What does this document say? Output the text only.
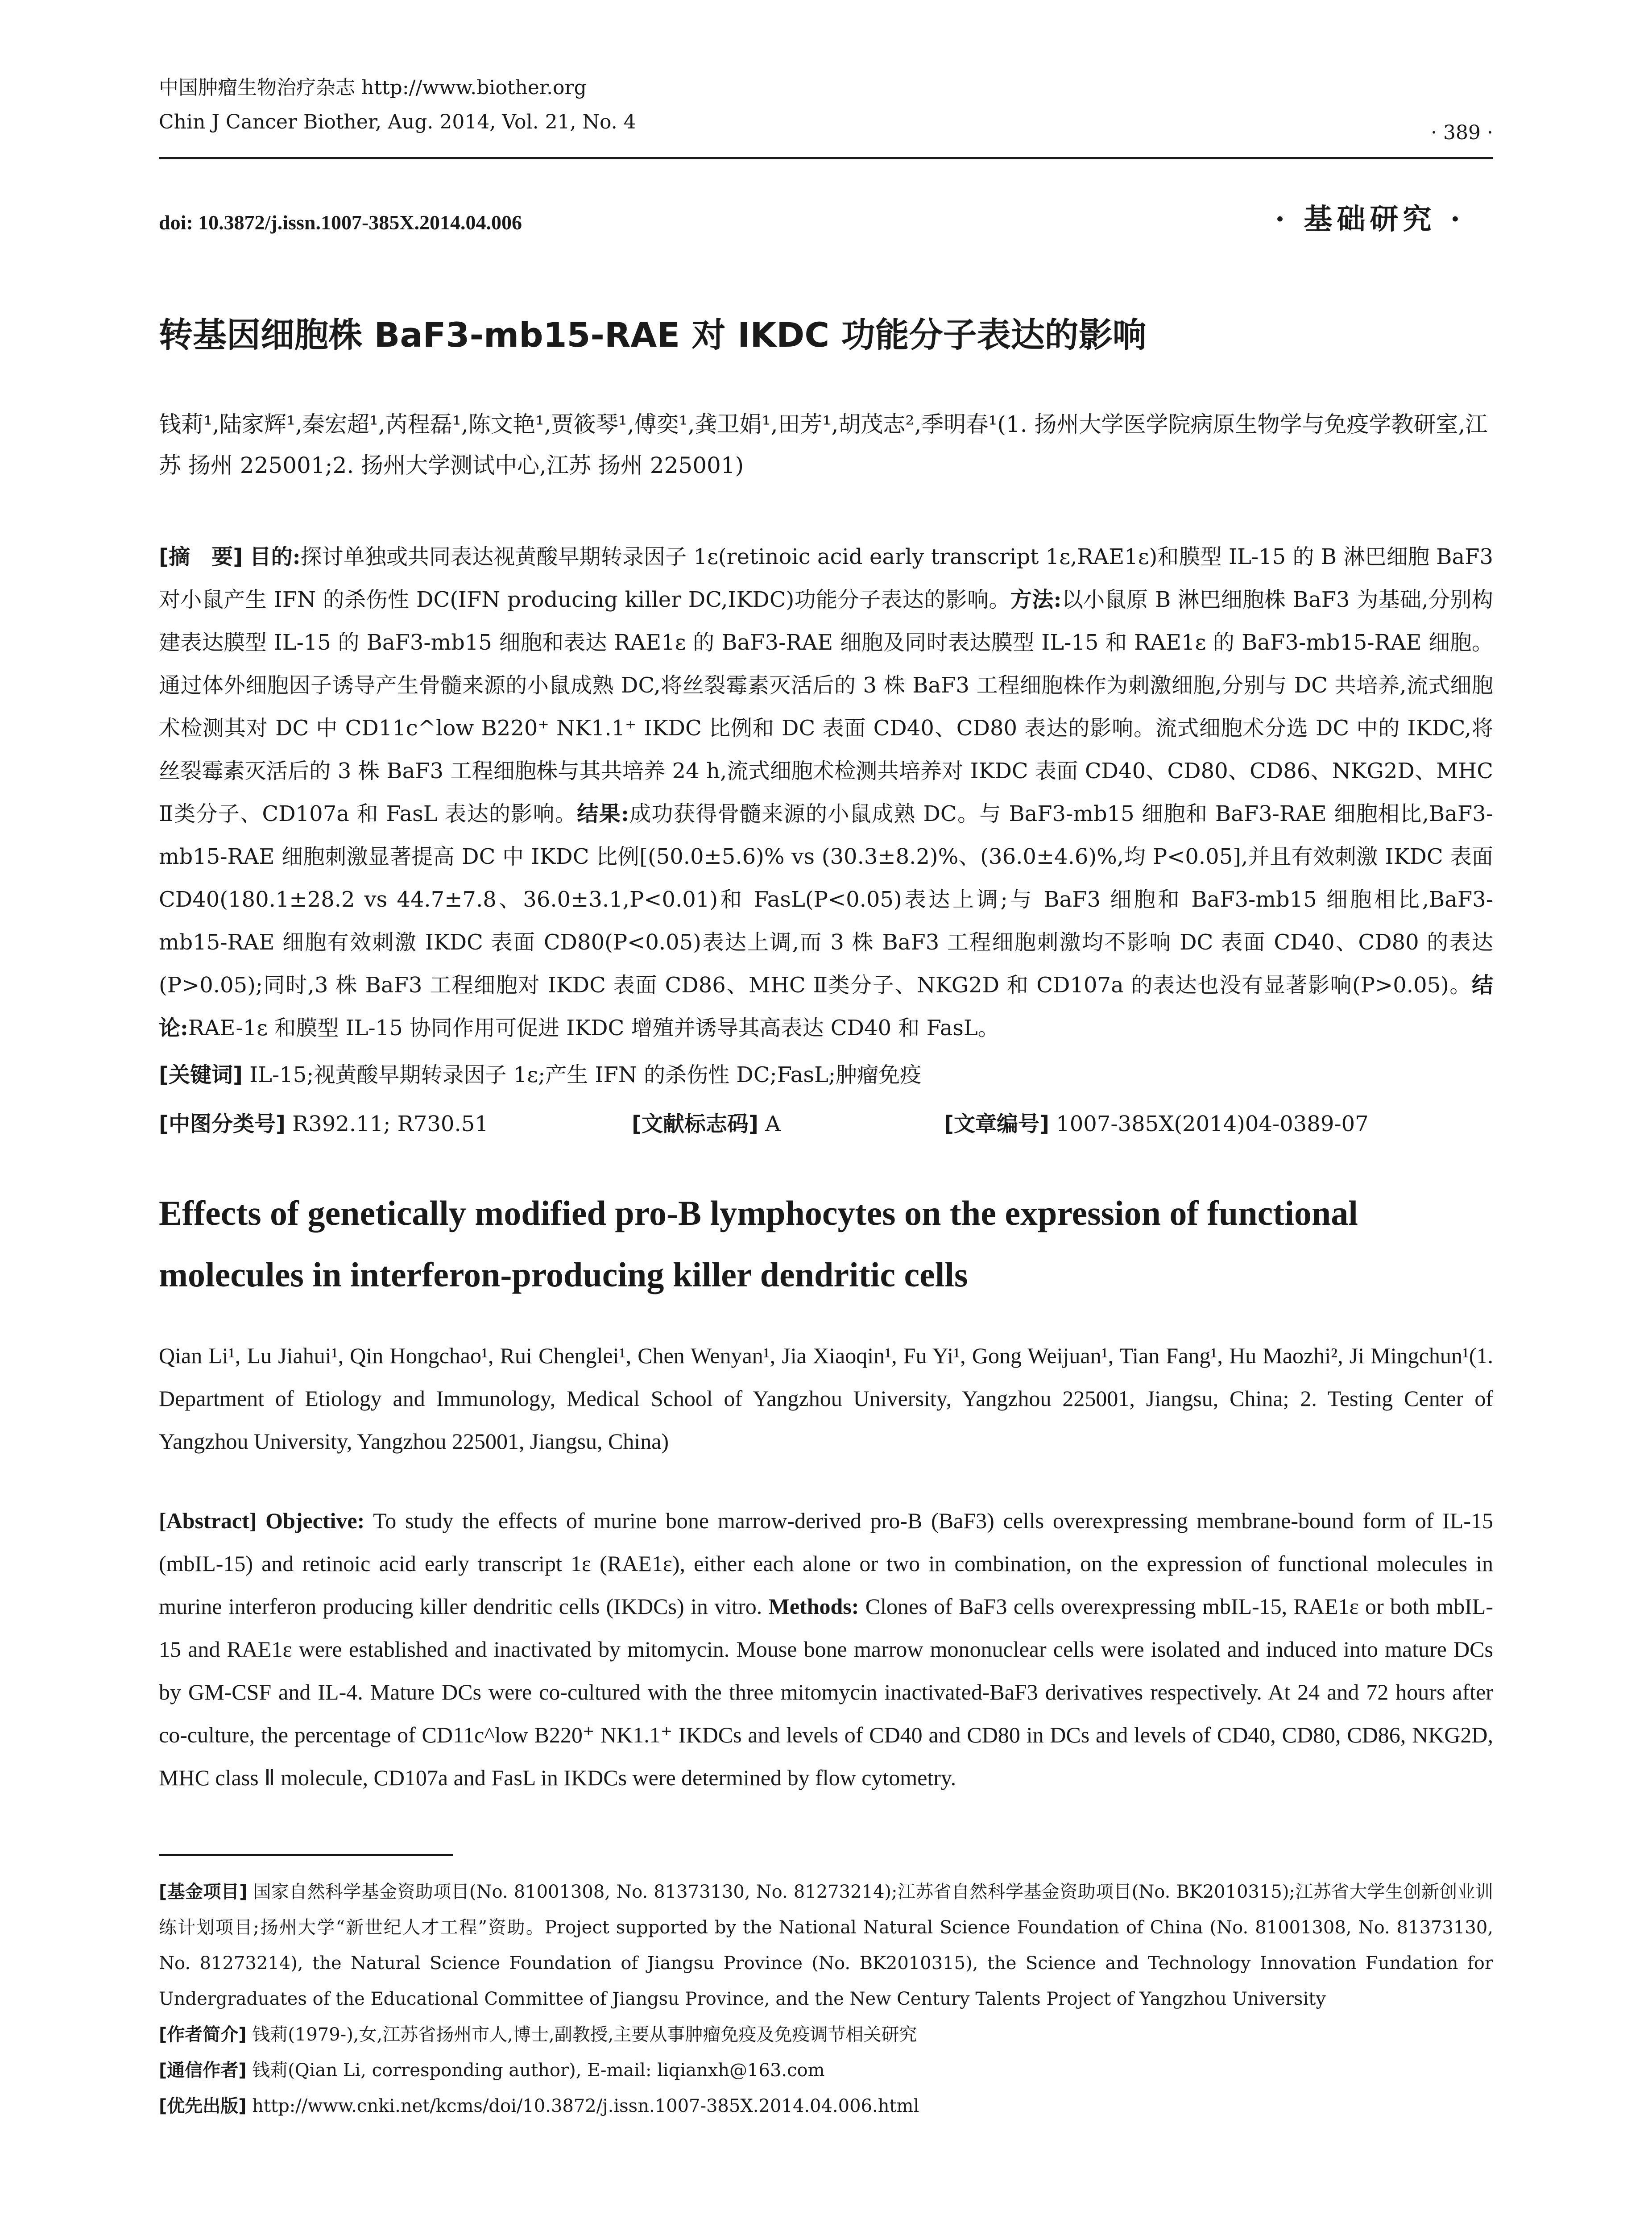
中国肿瘤生物治疗杂志 http://www.biother.org
Chin J Cancer Biother, Aug. 2014, Vol. 21, No. 4	· 389 ·
doi: 10.3872/j.issn.1007-385X.2014.04.006	· 基础研究 ·
转基因细胞株 BaF3-mb15-RAE 对 IKDC 功能分子表达的影响
钱莉¹,陆家辉¹,秦宏超¹,芮程磊¹,陈文艳¹,贾筱琴¹,傅奕¹,龚卫娟¹,田芳¹,胡茂志²,季明春¹(1. 扬州大学医学院病原生物学与免疫学教研室,江苏 扬州 225001;2. 扬州大学测试中心,江苏 扬州 225001)
[摘　要] 目的:探讨单独或共同表达视黄酸早期转录因子 1ε(retinoic acid early transcript 1ε,RAE1ε)和膜型 IL-15 的 B 淋巴细胞 BaF3 对小鼠产生 IFN 的杀伤性 DC(IFN producing killer DC,IKDC)功能分子表达的影响。方法:以小鼠原 B 淋巴细胞株 BaF3 为基础,分别构建表达膜型 IL-15 的 BaF3-mb15 细胞和表达 RAE1ε 的 BaF3-RAE 细胞及同时表达膜型 IL-15 和 RAE1ε 的 BaF3-mb15-RAE 细胞。通过体外细胞因子诱导产生骨髓来源的小鼠成熟 DC,将丝裂霉素灭活后的 3 株 BaF3 工程细胞株作为刺激细胞,分别与 DC 共培养,流式细胞术检测其对 DC 中 CD11c^low B220⁺ NK1.1⁺ IKDC 比例和 DC 表面 CD40、CD80 表达的影响。流式细胞术分选 DC 中的 IKDC,将丝裂霉素灭活后的 3 株 BaF3 工程细胞株与其共培养 24 h,流式细胞术检测共培养对 IKDC 表面 CD40、CD80、CD86、NKG2D、MHC Ⅱ类分子、CD107a 和 FasL 表达的影响。结果:成功获得骨髓来源的小鼠成熟 DC。与 BaF3-mb15 细胞和 BaF3-RAE 细胞相比,BaF3-mb15-RAE 细胞刺激显著提高 DC 中 IKDC 比例[(50.0±5.6)% vs (30.3±8.2)%、(36.0±4.6)%,均 P<0.05],并且有效刺激 IKDC 表面 CD40(180.1±28.2 vs 44.7±7.8、36.0±3.1,P<0.01)和 FasL(P<0.05)表达上调;与 BaF3 细胞和 BaF3-mb15 细胞相比,BaF3-mb15-RAE 细胞有效刺激 IKDC 表面 CD80(P<0.05)表达上调,而 3 株 BaF3 工程细胞刺激均不影响 DC 表面 CD40、CD80 的表达(P>0.05);同时,3 株 BaF3 工程细胞对 IKDC 表面 CD86、MHC Ⅱ类分子、NKG2D 和 CD107a 的表达也没有显著影响(P>0.05)。结论:RAE-1ε 和膜型 IL-15 协同作用可促进 IKDC 增殖并诱导其高表达 CD40 和 FasL。
[关键词] IL-15;视黄酸早期转录因子 1ε;产生 IFN 的杀伤性 DC;FasL;肿瘤免疫
[中图分类号] R392.11; R730.51	[文献标志码] A	[文章编号] 1007-385X(2014)04-0389-07
Effects of genetically modified pro-B lymphocytes on the expression of functional molecules in interferon-producing killer dendritic cells
Qian Li¹, Lu Jiahui¹, Qin Hongchao¹, Rui Chenglei¹, Chen Wenyan¹, Jia Xiaoqin¹, Fu Yi¹, Gong Weijuan¹, Tian Fang¹, Hu Maozhi², Ji Mingchun¹(1. Department of Etiology and Immunology, Medical School of Yangzhou University, Yangzhou 225001, Jiangsu, China; 2. Testing Center of Yangzhou University, Yangzhou 225001, Jiangsu, China)
[Abstract] Objective: To study the effects of murine bone marrow-derived pro-B (BaF3) cells overexpressing membrane-bound form of IL-15 (mbIL-15) and retinoic acid early transcript 1ε (RAE1ε), either each alone or two in combination, on the expression of functional molecules in murine interferon producing killer dendritic cells (IKDCs) in vitro. Methods: Clones of BaF3 cells overexpressing mbIL-15, RAE1ε or both mbIL-15 and RAE1ε were established and inactivated by mitomycin. Mouse bone marrow mononuclear cells were isolated and induced into mature DCs by GM-CSF and IL-4. Mature DCs were co-cultured with the three mitomycin inactivated-BaF3 derivatives respectively. At 24 and 72 hours after co-culture, the percentage of CD11c^low B220⁺ NK1.1⁺ IKDCs and levels of CD40 and CD80 in DCs and levels of CD40, CD80, CD86, NKG2D, MHC class Ⅱ molecule, CD107a and FasL in IKDCs were determined by flow cytometry.
[基金项目] 国家自然科学基金资助项目(No. 81001308, No. 81373130, No. 81273214);江苏省自然科学基金资助项目(No. BK2010315);江苏省大学生创新创业训练计划项目;扬州大学“新世纪人才工程”资助。Project supported by the National Natural Science Foundation of China (No. 81001308, No. 81373130, No. 81273214), the Natural Science Foundation of Jiangsu Province (No. BK2010315), the Science and Technology Innovation Fundation for Undergraduates of the Educational Committee of Jiangsu Province, and the New Century Talents Project of Yangzhou University
[作者简介] 钱莉(1979-),女,江苏省扬州市人,博士,副教授,主要从事肿瘤免疫及免疫调节相关研究
[通信作者] 钱莉(Qian Li, corresponding author), E-mail: liqianxh@163.com
[优先出版] http://www.cnki.net/kcms/doi/10.3872/j.issn.1007-385X.2014.04.006.html
